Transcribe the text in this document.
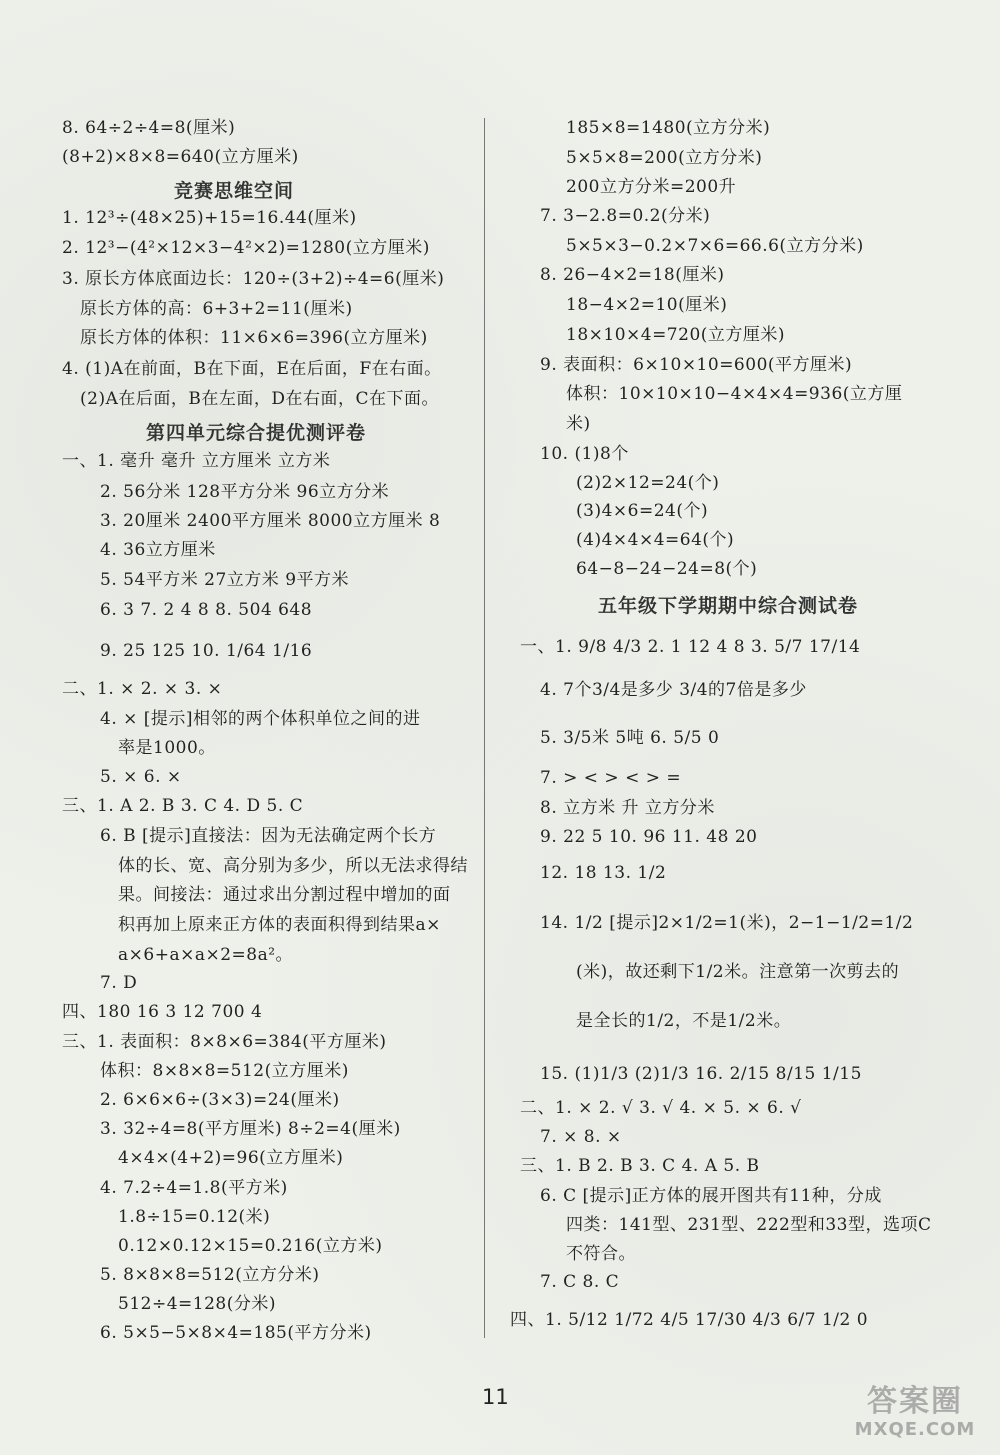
8. 64÷2÷4=8(厘米)
(8+2)×8×8=640(立方厘米)
竞赛思维空间
1. 12³÷(48×25)+15=16.44(厘米)
2. 12³−(4²×12×3−4²×2)=1280(立方厘米)
3. 原长方体底面边长：120÷(3+2)÷4=6(厘米)
原长方体的高：6+3+2=11(厘米)
原长方体的体积：11×6×6=396(立方厘米)
4. (1)A在前面，B在下面，E在后面，F在右面。
(2)A在后面，B在左面，D在右面，C在下面。
第四单元综合提优测评卷
一、1. 毫升 毫升 立方厘米 立方米
2. 56分米 128平方分米 96立方分米
3. 20厘米 2400平方厘米 8000立方厘米 8
4. 36立方厘米
5. 54平方米 27立方米 9平方米
6. 3 7. 2 4 8 8. 504 648
9. 25 125 10. 1/64 1/16
二、1. × 2. × 3. ×
4. × [提示]相邻的两个体积单位之间的进
率是1000。
5. × 6. ×
三、1. A 2. B 3. C 4. D 5. C
6. B [提示]直接法：因为无法确定两个长方
体的长、宽、高分别为多少，所以无法求得结
果。间接法：通过求出分割过程中增加的面
积再加上原来正方体的表面积得到结果a×
a×6+a×a×2=8a²。
7. D
四、180 16 3 12 700 4
三、1. 表面积：8×8×6=384(平方厘米)
体积：8×8×8=512(立方厘米)
2. 6×6×6÷(3×3)=24(厘米)
3. 32÷4=8(平方厘米) 8÷2=4(厘米)
4×4×(4+2)=96(立方厘米)
4. 7.2÷4=1.8(平方米)
1.8÷15=0.12(米)
0.12×0.12×15=0.216(立方米)
5. 8×8×8=512(立方分米)
512÷4=128(分米)
6. 5×5−5×8×4=185(平方分米)
185×8=1480(立方分米)
5×5×8=200(立方分米)
200立方分米=200升
7. 3−2.8=0.2(分米)
5×5×3−0.2×7×6=66.6(立方分米)
8. 26−4×2=18(厘米)
18−4×2=10(厘米)
18×10×4=720(立方厘米)
9. 表面积：6×10×10=600(平方厘米)
体积：10×10×10−4×4×4=936(立方厘
米)
10. (1)8个
(2)2×12=24(个)
(3)4×6=24(个)
(4)4×4×4=64(个)
64−8−24−24=8(个)
五年级下学期期中综合测试卷
一、1. 9/8 4/3 2. 1 12 4 8 3. 5/7 17/14
4. 7个3/4是多少 3/4的7倍是多少
5. 3/5米 5吨 6. 5/5 0
7. > < > < > =
8. 立方米 升 立方分米
9. 22 5 10. 96 11. 48 20
12. 18 13. 1/2
14. 1/2 [提示]2×1/2=1(米)，2−1−1/2=1/2
(米)，故还剩下1/2米。注意第一次剪去的
是全长的1/2，不是1/2米。
15. (1)1/3 (2)1/3 16. 2/15 8/15 1/15
二、1. × 2. √ 3. √ 4. × 5. × 6. √
7. × 8. ×
三、1. B 2. B 3. C 4. A 5. B
6. C [提示]正方体的展开图共有11种，分成
四类：141型、231型、222型和33型，选项C
不符合。
7. C 8. C
四、1. 5/12 1/72 4/5 17/30 4/3 6/7 1/2 0
11	答案圈
MXQE.COM
